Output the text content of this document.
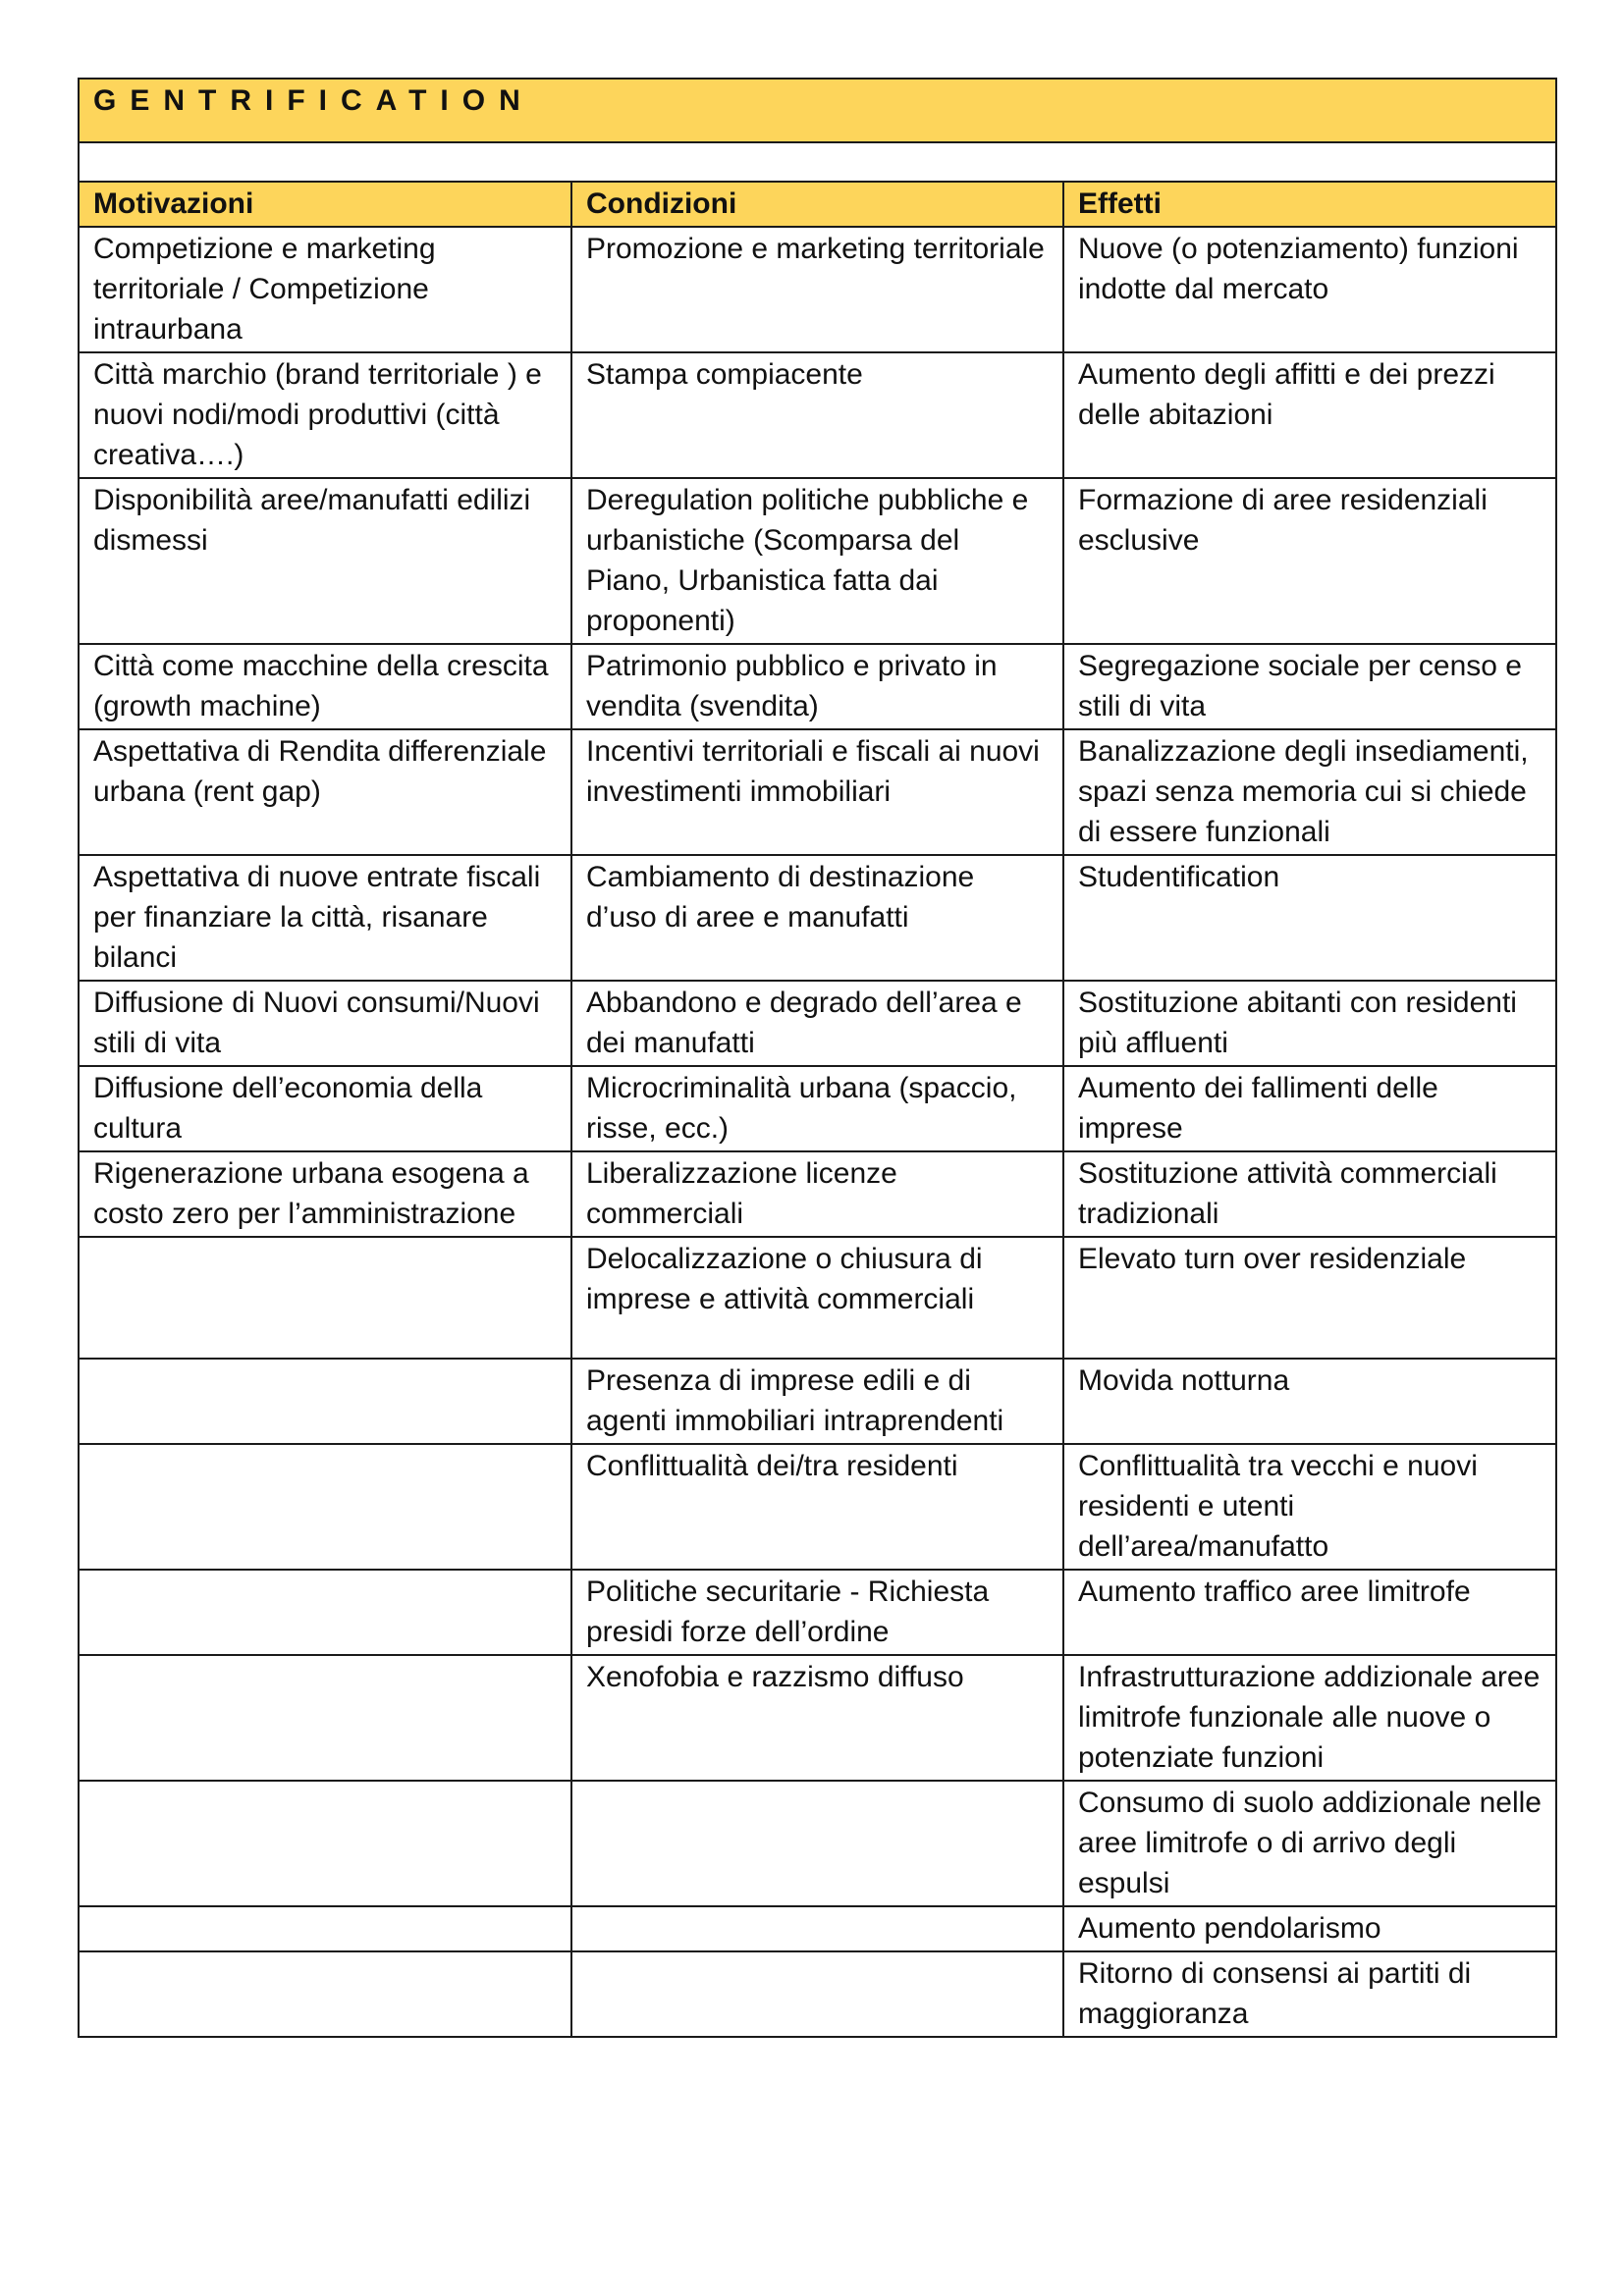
GENTRIFICATION		

Motivazioni	Condizioni	Effetti
Competizione e marketing territoriale / Competizione intraurbana	Promozione e marketing territoriale	Nuove (o potenziamento) funzioni indotte dal mercato
Città marchio (brand territoriale ) e nuovi nodi/modi produttivi (città creativa….)	Stampa compiacente	Aumento degli affitti e dei prezzi delle abitazioni
Disponibilità aree/manufatti edilizi dismessi	Deregulation politiche pubbliche e urbanistiche (Scomparsa del Piano, Urbanistica fatta dai proponenti)	Formazione di aree residenziali esclusive
Città come macchine della crescita (growth machine)	Patrimonio pubblico e privato in vendita (svendita)	Segregazione sociale per censo e stili di vita
Aspettativa di Rendita differenziale urbana (rent gap)	Incentivi territoriali e fiscali ai nuovi investimenti immobiliari	Banalizzazione degli insediamenti, spazi senza memoria cui si chiede di essere funzionali
Aspettativa di nuove entrate fiscali per finanziare la città, risanare bilanci	Cambiamento di destinazione d’uso di aree e manufatti	Studentification
Diffusione di Nuovi consumi/Nuovi stili di vita	Abbandono e degrado dell’area e dei manufatti	Sostituzione abitanti con residenti più affluenti
Diffusione dell’economia della cultura	Microcriminalità urbana (spaccio, risse, ecc.)	Aumento dei fallimenti delle imprese
Rigenerazione urbana esogena a costo zero per l’amministrazione	Liberalizzazione licenze commerciali	Sostituzione attività commerciali tradizionali
	Delocalizzazione o chiusura di imprese e attività commerciali	Elevato turn over residenziale
	Presenza di imprese edili e di agenti immobiliari intraprendenti	Movida notturna
	Conflittualità dei/tra residenti	Conflittualità tra vecchi e nuovi residenti e utenti dell’area/manufatto
	Politiche securitarie - Richiesta presidi forze dell’ordine	Aumento traffico aree limitrofe
	Xenofobia e razzismo diffuso	Infrastrutturazione addizionale aree limitrofe funzionale alle nuove o potenziate funzioni
		Consumo di suolo addizionale nelle aree limitrofe o di arrivo degli espulsi
		Aumento pendolarismo
		Ritorno di consensi ai partiti di maggioranza
